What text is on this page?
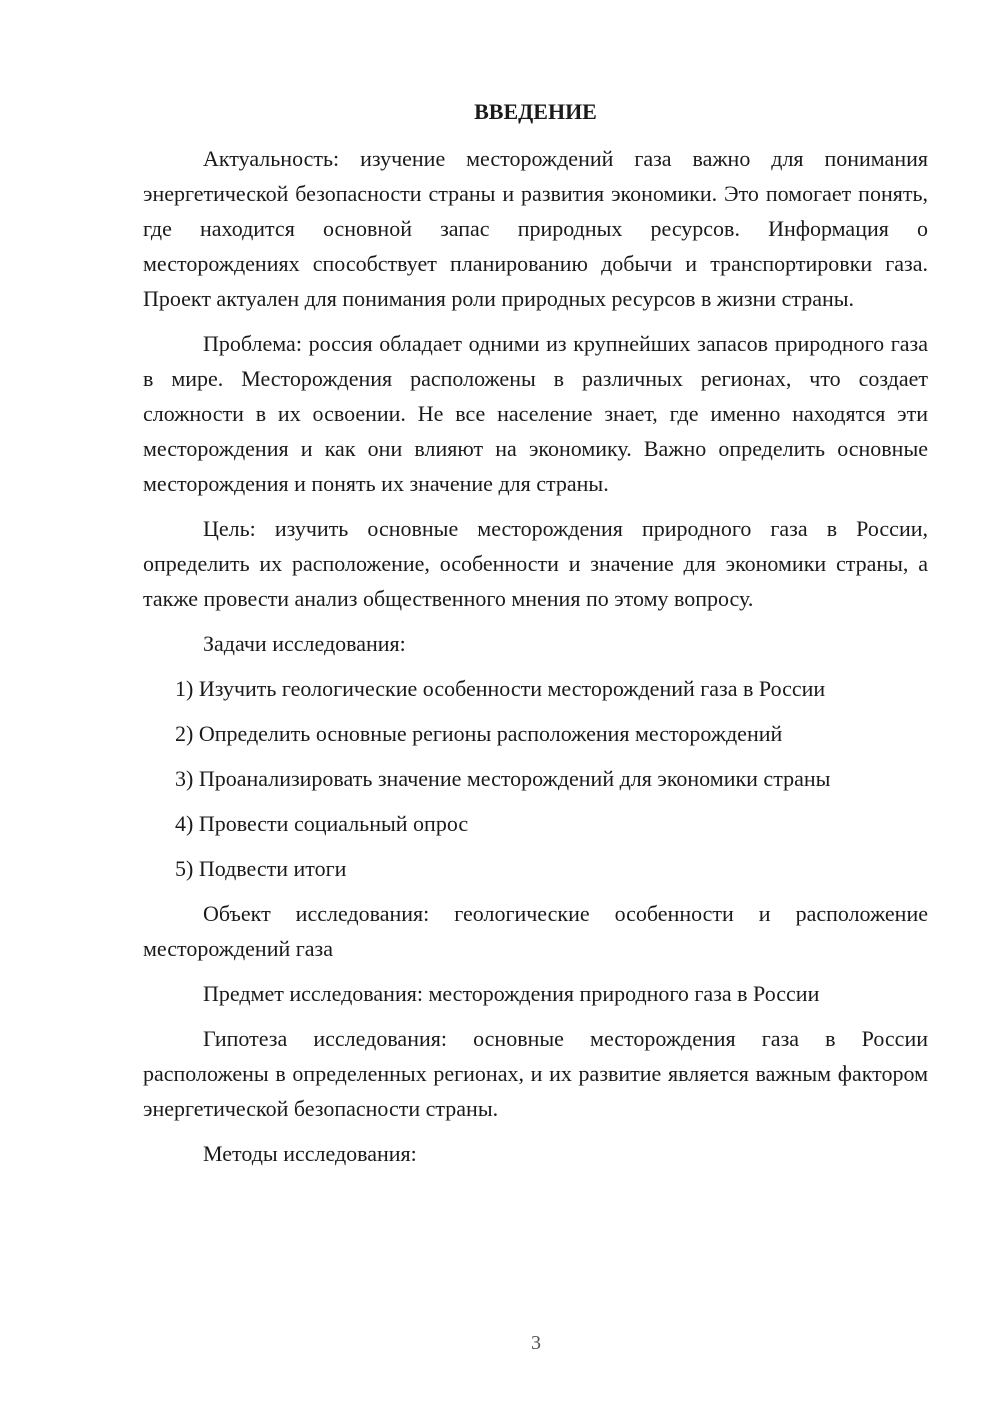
ВВЕДЕНИЕ

Актуальность: изучение месторождений газа важно для понимания энергетической безопасности страны и развития экономики. Это помогает понять, где находится основной запас природных ресурсов. Информация о месторождениях способствует планированию добычи и транспортировки газа. Проект актуален для понимания роли природных ресурсов в жизни страны.

Проблема: россия обладает одними из крупнейших запасов природного газа в мире. Месторождения расположены в различных регионах, что создает сложности в их освоении. Не все население знает, где именно находятся эти месторождения и как они влияют на экономику. Важно определить основные месторождения и понять их значение для страны.

Цель: изучить основные месторождения природного газа в России, определить их расположение, особенности и значение для экономики страны, а также провести анализ общественного мнения по этому вопросу.

Задачи исследования:

1) Изучить геологические особенности месторождений газа в России
2) Определить основные регионы расположения месторождений
3) Проанализировать значение месторождений для экономики страны
4) Провести социальный опрос
5) Подвести итоги

Объект исследования: геологические особенности и расположение месторождений газа

Предмет исследования: месторождения природного газа в России

Гипотеза исследования: основные месторождения газа в России расположены в определенных регионах, и их развитие является важным фактором энергетической безопасности страны.

Методы исследования:

3
